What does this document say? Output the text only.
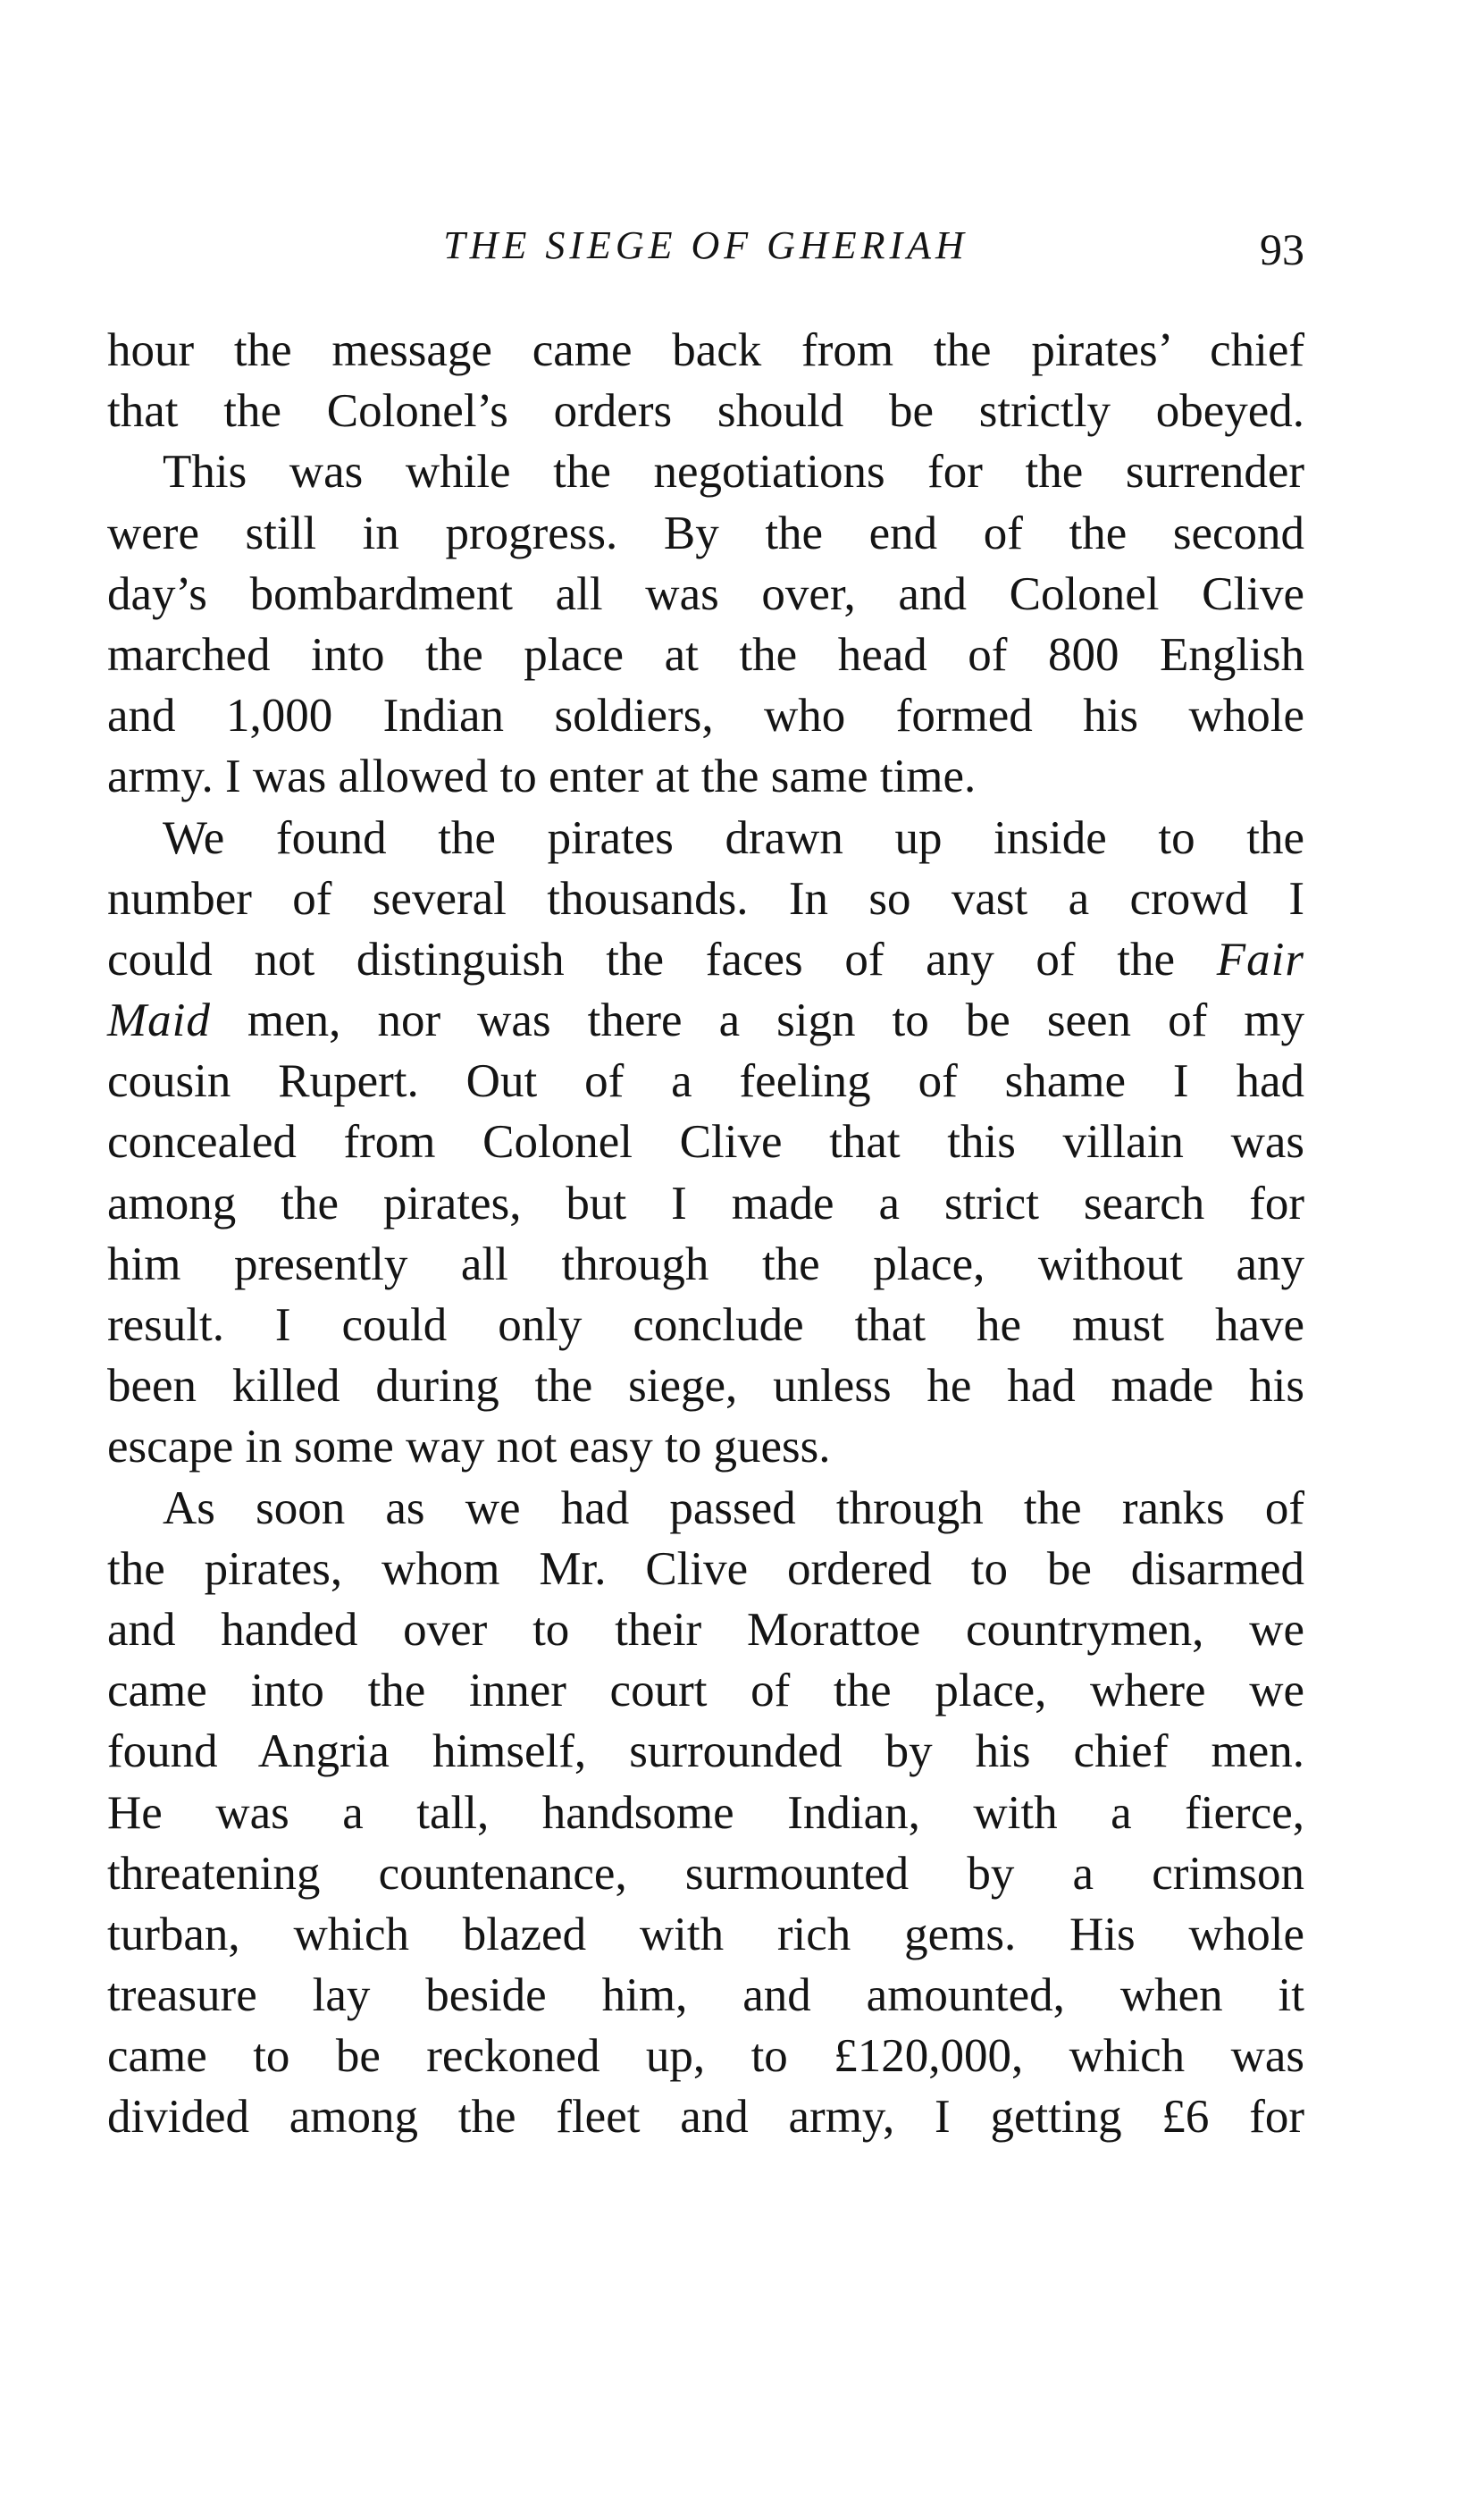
THE SIEGE OF GHERIAH	93
hour the message came back from the pirates’ chief
that the Colonel’s orders should be strictly obeyed.
This was while the negotiations for the surrender
were still in progress. By the end of the second
day’s bombardment all was over, and Colonel Clive
marched into the place at the head of 800 English
and 1,000 Indian soldiers, who formed his whole
army. I was allowed to enter at the same time.
We found the pirates drawn up inside to the
number of several thousands. In so vast a crowd I
could not distinguish the faces of any of the Fair
Maid men, nor was there a sign to be seen of my
cousin Rupert. Out of a feeling of shame I had
concealed from Colonel Clive that this villain was
among the pirates, but I made a strict search for
him presently all through the place, without any
result. I could only conclude that he must have
been killed during the siege, unless he had made his
escape in some way not easy to guess.
As soon as we had passed through the ranks of
the pirates, whom Mr. Clive ordered to be disarmed
and handed over to their Morattoe countrymen, we
came into the inner court of the place, where we
found Angria himself, surrounded by his chief men.
He was a tall, handsome Indian, with a fierce,
threatening countenance, surmounted by a crimson
turban, which blazed with rich gems. His whole
treasure lay beside him, and amounted, when it
came to be reckoned up, to £120,000, which was
divided among the fleet and army, I getting £6 for
